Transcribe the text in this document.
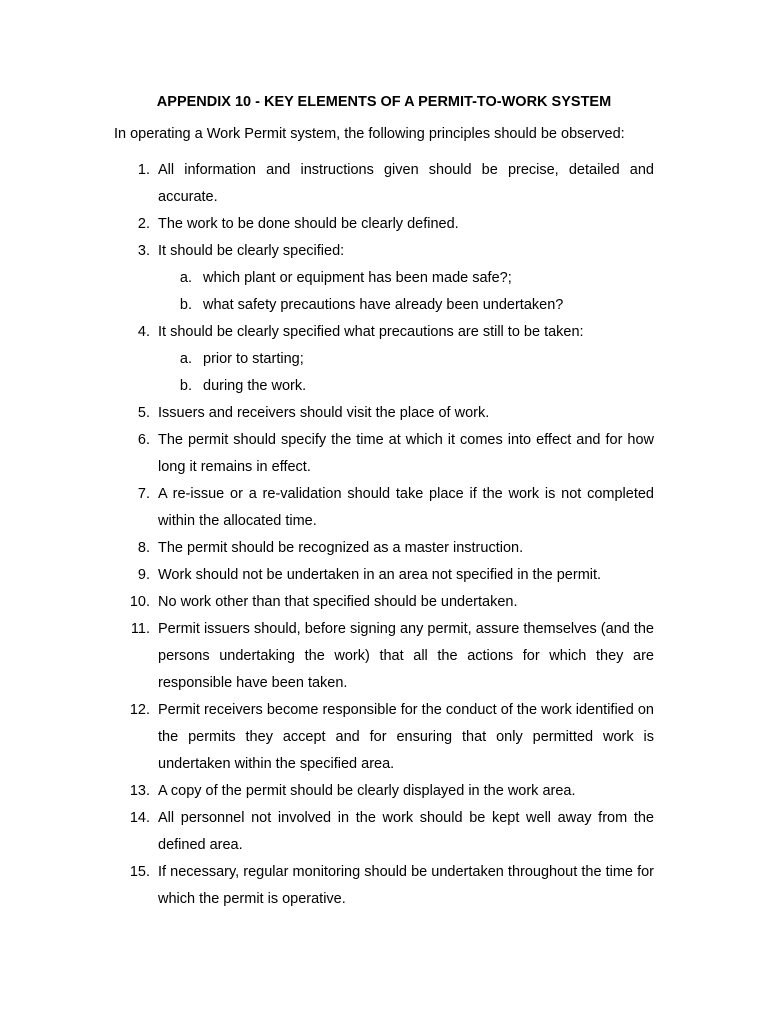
APPENDIX 10 - KEY ELEMENTS OF A PERMIT-TO-WORK SYSTEM
In operating a Work Permit system, the following principles should be observed:
1. All information and instructions given should be precise, detailed and accurate.
2. The work to be done should be clearly defined.
3. It should be clearly specified:
a. which plant or equipment has been made safe?;
b. what safety precautions have already been undertaken?
4. It should be clearly specified what precautions are still to be taken:
a. prior to starting;
b. during the work.
5. Issuers and receivers should visit the place of work.
6. The permit should specify the time at which it comes into effect and for how long it remains in effect.
7. A re-issue or a re-validation should take place if the work is not completed within the allocated time.
8. The permit should be recognized as a master instruction.
9. Work should not be undertaken in an area not specified in the permit.
10. No work other than that specified should be undertaken.
11. Permit issuers should, before signing any permit, assure themselves (and the persons undertaking the work) that all the actions for which they are responsible have been taken.
12. Permit receivers become responsible for the conduct of the work identified on the permits they accept and for ensuring that only permitted work is undertaken within the specified area.
13. A copy of the permit should be clearly displayed in the work area.
14. All personnel not involved in the work should be kept well away from the defined area.
15. If necessary, regular monitoring should be undertaken throughout the time for which the permit is operative.
